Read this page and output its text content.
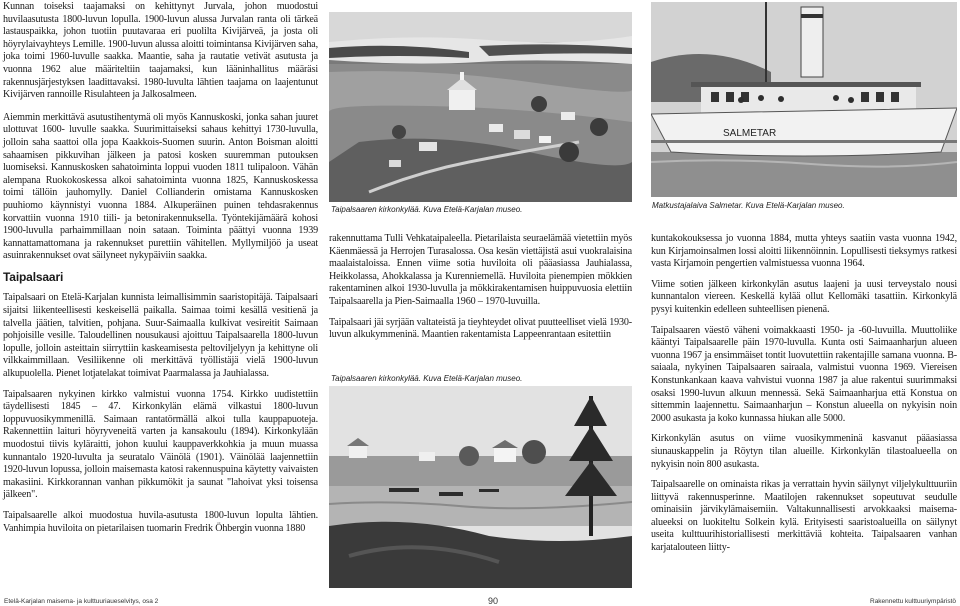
Kunnan toiseksi taajamaksi on kehittynyt Jurvala, johon muodostui huvilaasutusta 1800-luvun lopulla. 1900-luvun alussa Jurvalan ranta oli tärkeä lastauspaikka, johon tuotiin puutavaraa eri puolilta Kivijärveä, ja josta oli höyrylaivayhteys Lemille. 1900-luvun alussa aloitti toimintansa Kivijärven saha, joka toimi 1960-luvulle saakka. Maantie, saha ja rautatie vetivät asutusta ja vuonna 1962 alue määriteltiin taajamaksi, kun lääninhallitus määräsi rakennusjärjestyksen laadittavaksi. 1980-luvulta lähtien taajama on laajentunut Kivijärven rannoille Risulahteen ja Jalkosalmeen.

Aiemmin merkittävä asutustihentymä oli myös Kannuskoski, jonka sahan juuret ulottuvat 1600- luvulle saakka. Suurimittaiseksi sahaus kehittyi 1730-luvulla, jolloin saha saattoi olla jopa Kaakkois-Suomen suurin. Anton Boisman aloitti sahaamisen pikkuvihan jälkeen ja patosi kosken suuremman putouksen luomiseksi. Kannuskosken sahatoiminta loppui vuoden 1811 tulipaloon. Vähän alempana Ruokokoskessa alkoi sahatoiminta vuonna 1825, Kannuskoskessa toimi tällöin jauhomylly. Daniel Collianderin omistama Kannuskosken puuhiomo käynnistyi vuonna 1884. Alkuperäinen puinen tehdasrakennus korvattiin vuonna 1910 tiili- ja betonirakennuksella. Työntekijämäärä kohosi 1900-luvulla parhaimmillaan noin sataan. Toiminta päättyi vuonna 1939 kannattamattomana ja rakennukset purettiin vähitellen. Myllymiljöö ja useat asuinrakennukset ovat säilyneet nykypäiviin saakka.

Taipalsaari

Taipalsaari on Etelä-Karjalan kunnista leimallisimmin saaristopitäjä. Taipalsaari sijaitsi liikenteellisesti keskeisellä paikalla. Saimaa toimi kesällä vesitienä ja talvella jäätien, talvitien, pohjana. Suur-Saimaalla kulkivat vesireitit Saimaan pohjoisille vesille. Taloudellinen nousukausi ajoittuu Taipalsaarella 1800-luvun lopulle, jolloin asteittain siirryttiin kaskeamisesta peltoviljelyyn ja kehittyne oli vilkkaimmillaan. Vesiliikenne oli merkittävä työllistäjä vielä 1900-luvun alkupuolella. Pienet lotjatelakat toimivat Paarmalassa ja Jauhialassa.

Taipalsaaren nykyinen kirkko valmistui vuonna 1754. Kirkko uudistettiin täydellisesti 1845 – 47. Kirkonkylän elämä vilkastui 1800-luvun loppuvuosikymmenillä. Saimaan rantatörmällä alkoi tulla kauppapuoteja. Rakennettiin laituri höyryveneitä varten ja kansakoulu (1894). Kirkonkylään muodostui tiivis kyläraitti, johon kuului kauppaverkkohkia ja muun muassa kunnantalo 1920-luvulta ja seuratalo Väinölä (1901). Väinölää laajennettiin 1920-luvun lopussa, jolloin maisemasta katosi rakennuspuina käytetty vaivaisten makasiini. Kirkkorannan vanhan pikkumökit ja saunat "lahoivat yksi toisensa jälkeen".

Taipalsaarelle alkoi muodostua huvila-asutusta 1800-luvun lopulta lähtien. Vanhimpia huviloita on pietarilaisen tuomarin Fredrik Öhbergin vuonna 1880

Taipalsaaren kirkonkylää. Kuva Etelä-Karjalan museo.
SALMETAR
Matkustajalaiva Salmetar. Kuva Etelä-Karjalan museo.

rakennuttama Tulli Vehkataipaleella. Pietarilaista seuraelämää vietettiin myös Käenmäessä ja Herrojen Turasalossa. Osa kesän viettäjistä asui vuokralaisina maalaistaloissa. Ennen viime sotia huviloita oli pääasiassa Jauhialassa, Heikkolassa, Ahokkalassa ja Kurenniemellä. Huviloita pienempien mökkien rakentaminen alkoi 1930-luvulla ja mökkirakentamisen huippuvuosia elettiin Taipalsaarella ja Pien-Saimaalla 1960 – 1970-luvuilla.

Taipalsaari jäi syrjään valtateistä ja tieyhteydet olivat puutteelliset vielä 1930-luvun alkukymmeninä. Maantien rakentamista Lappeenrantaan esitettiin

kuntakokouksessa jo vuonna 1884, mutta yhteys saatiin vasta vuonna 1942, kun Kirjamoinsalmen lossi aloitti liikennöinnin. Lopullisesti tieksymys ratkesi vasta Kirjamoin pengertien valmistuessa vuonna 1964.

Viime sotien jälkeen kirkonkylän asutus laajeni ja uusi terveystalo nousi kunnantalon viereen. Keskellä kylää ollut Kellomäki tasattiin. Kirkonkylä pysyi kuitenkin edelleen suhteellisen pienenä.

Taipalsaaren väestö väheni voimakkaasti 1950- ja -60-luvuilla. Muuttoliike kääntyi Taipalsaarelle päin 1970-luvulla. Kunta osti Saimaanharjun alueen vuonna 1967 ja ensimmäiset tontit luovutettiin rakentajille samana vuonna. B-saiaala, nykyinen Taipalsaaren sairaala, valmistui vuonna 1969. Viereisen Konstunkankaan kaava vahvistui vuonna 1987 ja alue rakentui suurimmaksi osaksi 1990-luvun alkuun mennessä. Sekä Saimaanharjua että Konstua on sittemmin laajennettu. Saimaanharjun – Konstun alueella on nykyisin noin 2000 asukasta ja koko kunnassa hiukan alle 5000.

Kirkonkylän asutus on viime vuosikymmeninä kasvanut pääasiassa siunauskappelin ja Röytyn tilan alueille. Kirkonkylän tilastoalueella on nykyisin noin 800 asukasta.

Taipalsaarelle on ominaista rikas ja verrattain hyvin säilynyt viljelykulttuuriin liittyvä rakennusperinne. Maatilojen rakennukset sopeutuvat seudulle ominaisiin järvikylämaisemiin. Valtakunnallisesti arvokkaaksi maisema-alueeksi on luokiteltu Solkein kylä. Erityisesti saaristoalueilla on säilynyt useita kulttuurihistoriallisesti merkittäviä kohteita. Taipalsaaren vanhan karjatalouteen liitty-

Taipalsaaren kirkonkylää. Kuva Etelä-Karjalan museo.
Etelä-Karjalan maisema- ja kulttuuriaueselvitys, osa 2	90	Rakennettu kulttuuriympäristö
